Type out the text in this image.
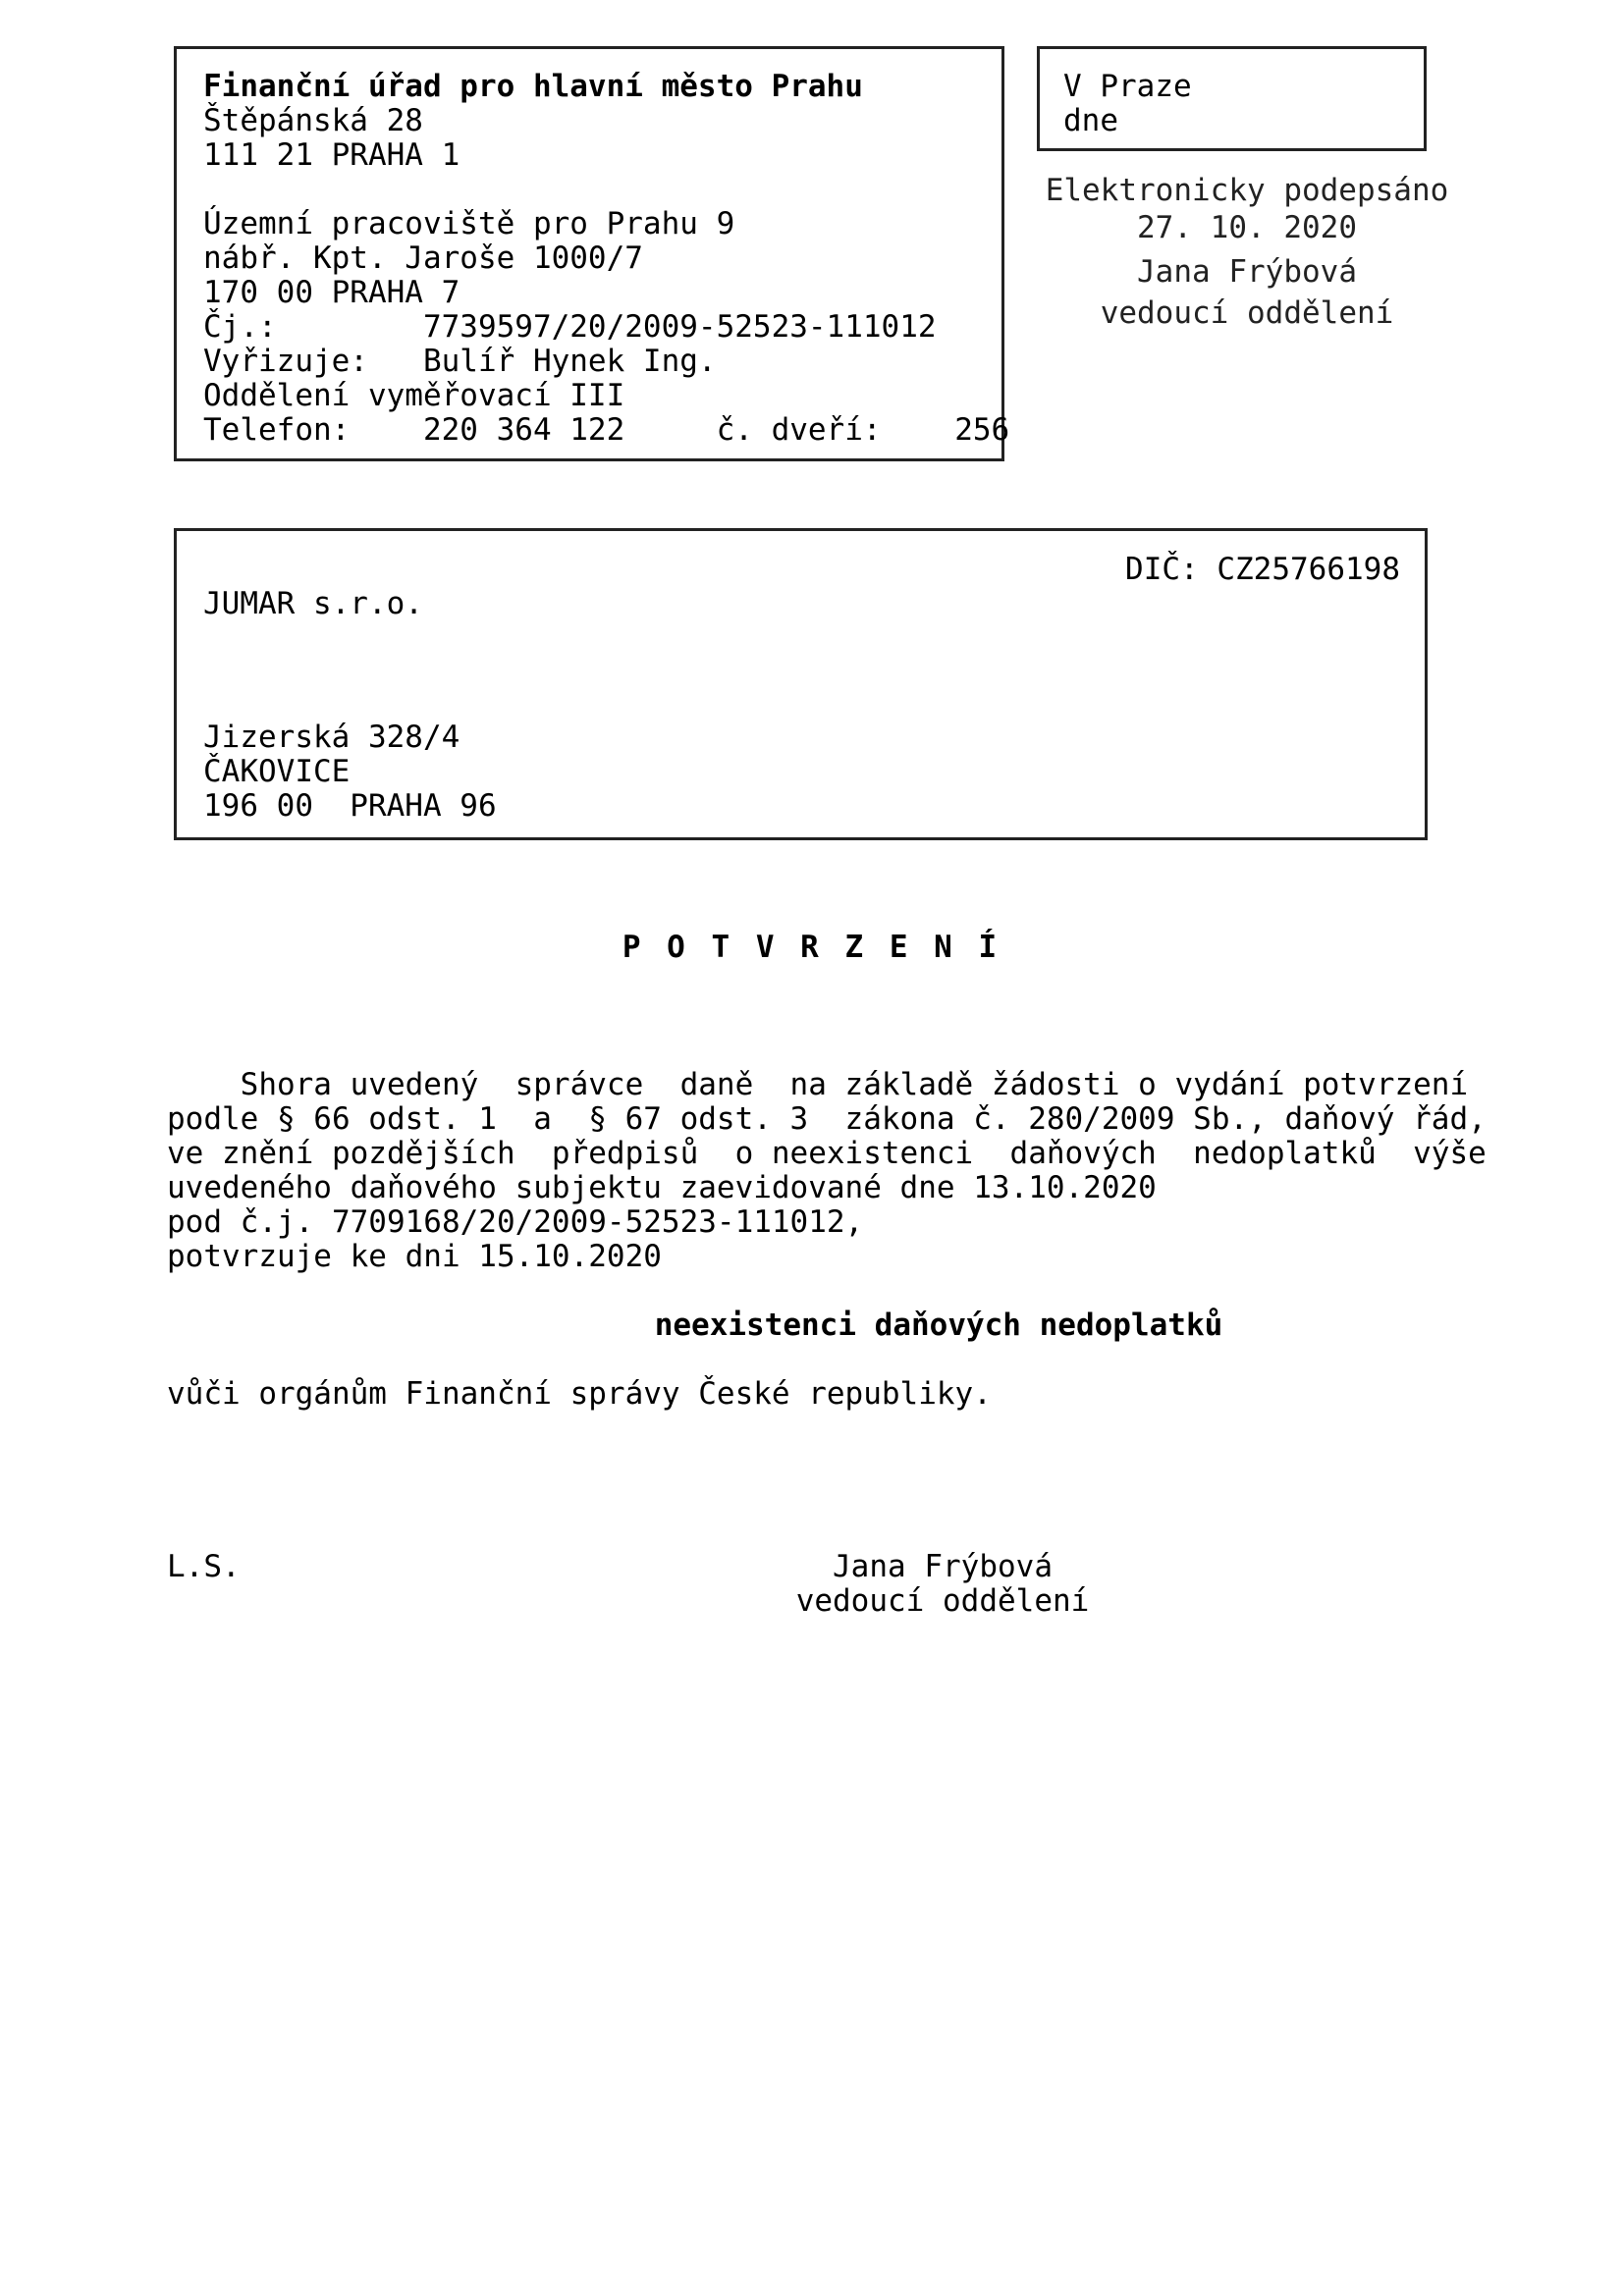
Finanční úřad pro hlavní město Prahu
Štěpánská 28
111 21 PRAHA 1

Územní pracoviště pro Prahu 9
nábř. Kpt. Jaroše 1000/7
170 00 PRAHA 7
Čj.:        7739597/20/2009-52523-111012
Vyřizuje:   Bulíř Hynek Ing.
Oddělení vyměřovací III
Telefon:    220 364 122     č. dveří:    256
V Praze
dne
Elektronicky podepsáno
27. 10. 2020
Jana Frýbová
vedoucí oddělení
DIČ: CZ25766198
JUMAR s.r.o.
Jizerská 328/4
ČAKOVICE
196 00  PRAHA 96
P O T V R Z E N Í
Shora uvedený  správce  daně  na základě žádosti o vydání potvrzení
podle § 66 odst. 1  a  § 67 odst. 3  zákona č. 280/2009 Sb., daňový řád,
ve znění pozdějších  předpisů  o neexistenci  daňových  nedoplatků  výše
uvedeného daňového subjektu zaevidované dne 13.10.2020
pod č.j. 7709168/20/2009-52523-111012,
potvrzuje ke dni 15.10.2020
neexistenci daňových nedoplatků
vůči orgánům Finanční správy České republiky.
L.S.	Jana Frýbová
vedoucí oddělení
